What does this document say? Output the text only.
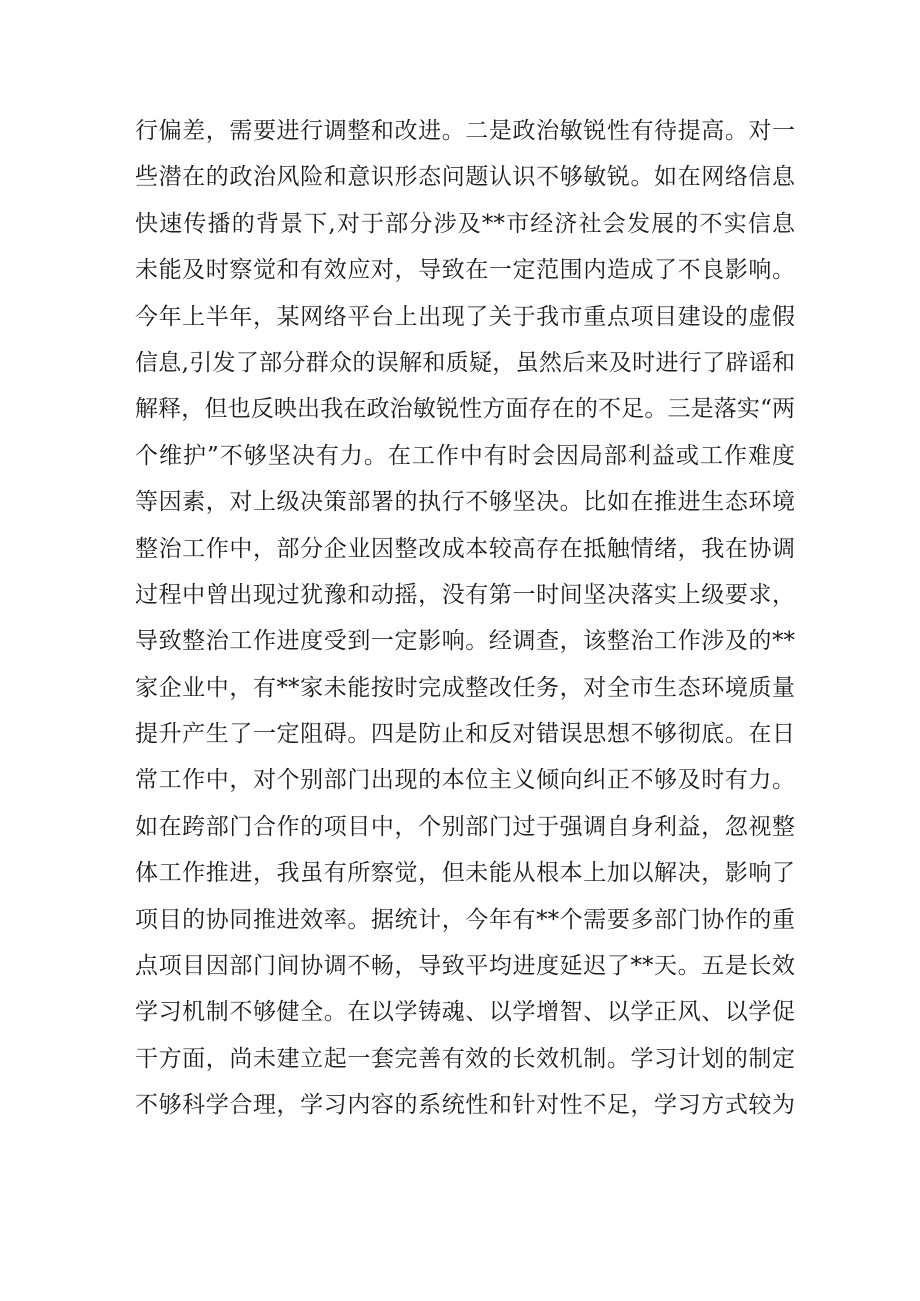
行偏差，需要进行调整和改进。二是政治敏锐性有待提高。对一
些潜在的政治风险和意识形态问题认识不够敏锐。如在网络信息
快速传播的背景下,对于部分涉及**市经济社会发展的不实信息
未能及时察觉和有效应对，导致在一定范围内造成了不良影响。
今年上半年，某网络平台上出现了关于我市重点项目建设的虚假
信息,引发了部分群众的误解和质疑，虽然后来及时进行了辟谣和
解释，但也反映出我在政治敏锐性方面存在的不足。三是落实“两
个维护”不够坚决有力。在工作中有时会因局部利益或工作难度
等因素，对上级决策部署的执行不够坚决。比如在推进生态环境
整治工作中，部分企业因整改成本较高存在抵触情绪，我在协调
过程中曾出现过犹豫和动摇，没有第一时间坚决落实上级要求，
导致整治工作进度受到一定影响。经调查，该整治工作涉及的**
家企业中，有**家未能按时完成整改任务，对全市生态环境质量
提升产生了一定阻碍。四是防止和反对错误思想不够彻底。在日
常工作中，对个别部门出现的本位主义倾向纠正不够及时有力。
如在跨部门合作的项目中，个别部门过于强调自身利益，忽视整
体工作推进，我虽有所察觉，但未能从根本上加以解决，影响了
项目的协同推进效率。据统计，今年有**个需要多部门协作的重
点项目因部门间协调不畅，导致平均进度延迟了**天。五是长效
学习机制不够健全。在以学铸魂、以学增智、以学正风、以学促
干方面，尚未建立起一套完善有效的长效机制。学习计划的制定
不够科学合理，学习内容的系统性和针对性不足，学习方式较为
